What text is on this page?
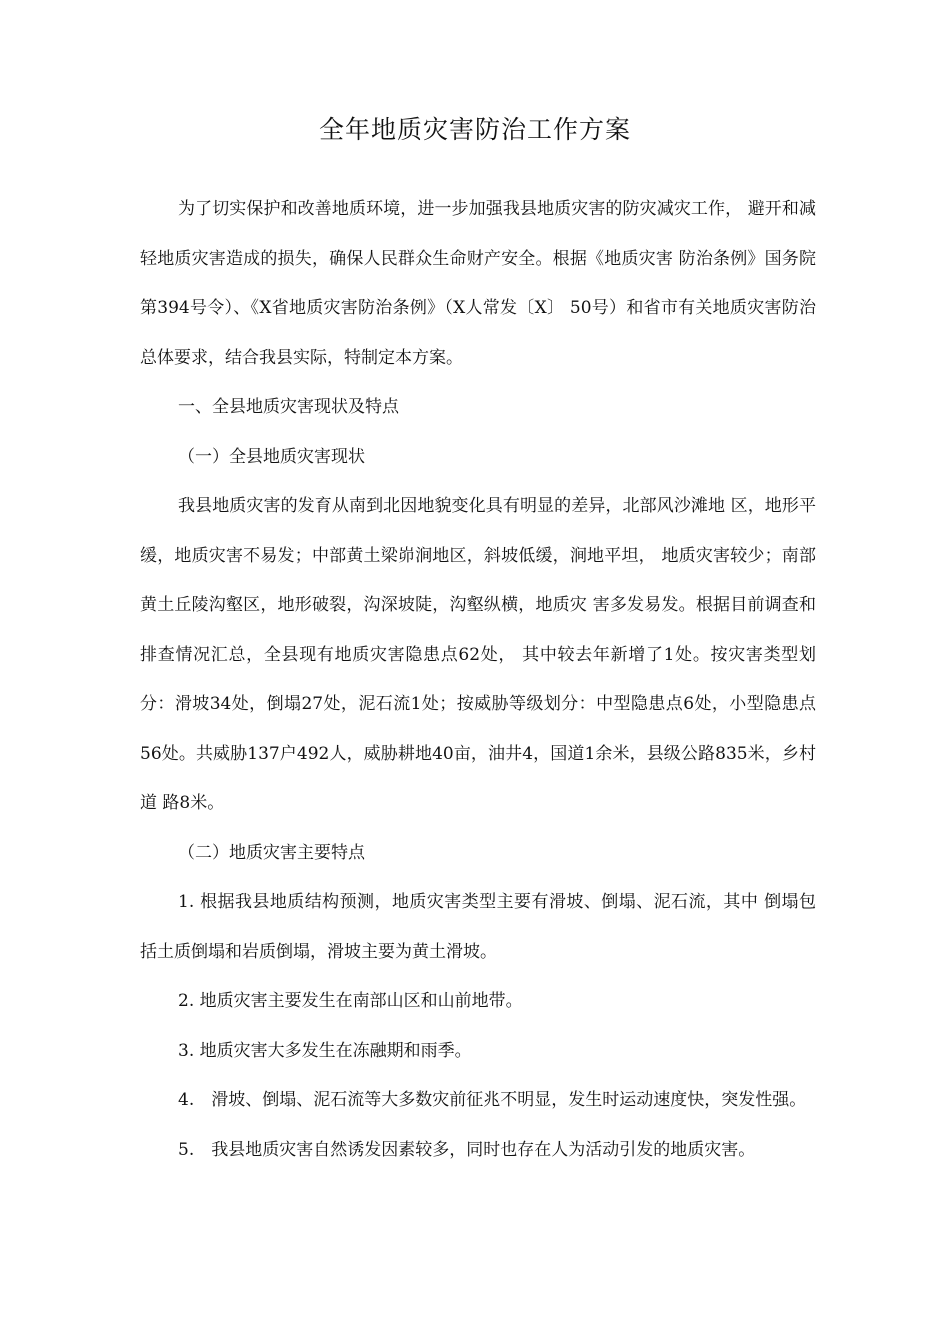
全年地质灾害防治工作方案

为了切实保护和改善地质环境，进一步加强我县地质灾害的防灾减灾工作， 避开和减轻地质灾害造成的损失，确保人民群众生命财产安全。根据《地质灾害 防治条例》国务院第394号令）、《X省地质灾害防治条例》（X人常发〔X〕 50号）和省市有关地质灾害防治总体要求，结合我县实际，特制定本方案。

一、全县地质灾害现状及特点

（一）全县地质灾害现状

我县地质灾害的发育从南到北因地貌变化具有明显的差异，北部风沙滩地 区，地形平缓，地质灾害不易发；中部黄土梁峁涧地区，斜坡低缓，涧地平坦， 地质灾害较少；南部黄土丘陵沟壑区，地形破裂，沟深坡陡，沟壑纵横，地质灾 害多发易发。根据目前调查和排查情况汇总，全县现有地质灾害隐患点62处， 其中较去年新增了1处。按灾害类型划分：滑坡34处，倒塌27处，泥石流1处；按威胁等级划分：中型隐患点6处，小型隐患点56处。共威胁137户492人，威胁耕地40亩，油井4，国道1余米，县级公路835米，乡村道 路8米。

（二）地质灾害主要特点

1. 根据我县地质结构预测，地质灾害类型主要有滑坡、倒塌、泥石流，其中 倒塌包括土质倒塌和岩质倒塌，滑坡主要为黄土滑坡。

2. 地质灾害主要发生在南部山区和山前地带。

3. 地质灾害大多发生在冻融期和雨季。

4.　滑坡、倒塌、泥石流等大多数灾前征兆不明显，发生时运动速度快，突发性强。

5.　我县地质灾害自然诱发因素较多，同时也存在人为活动引发的地质灾害。
